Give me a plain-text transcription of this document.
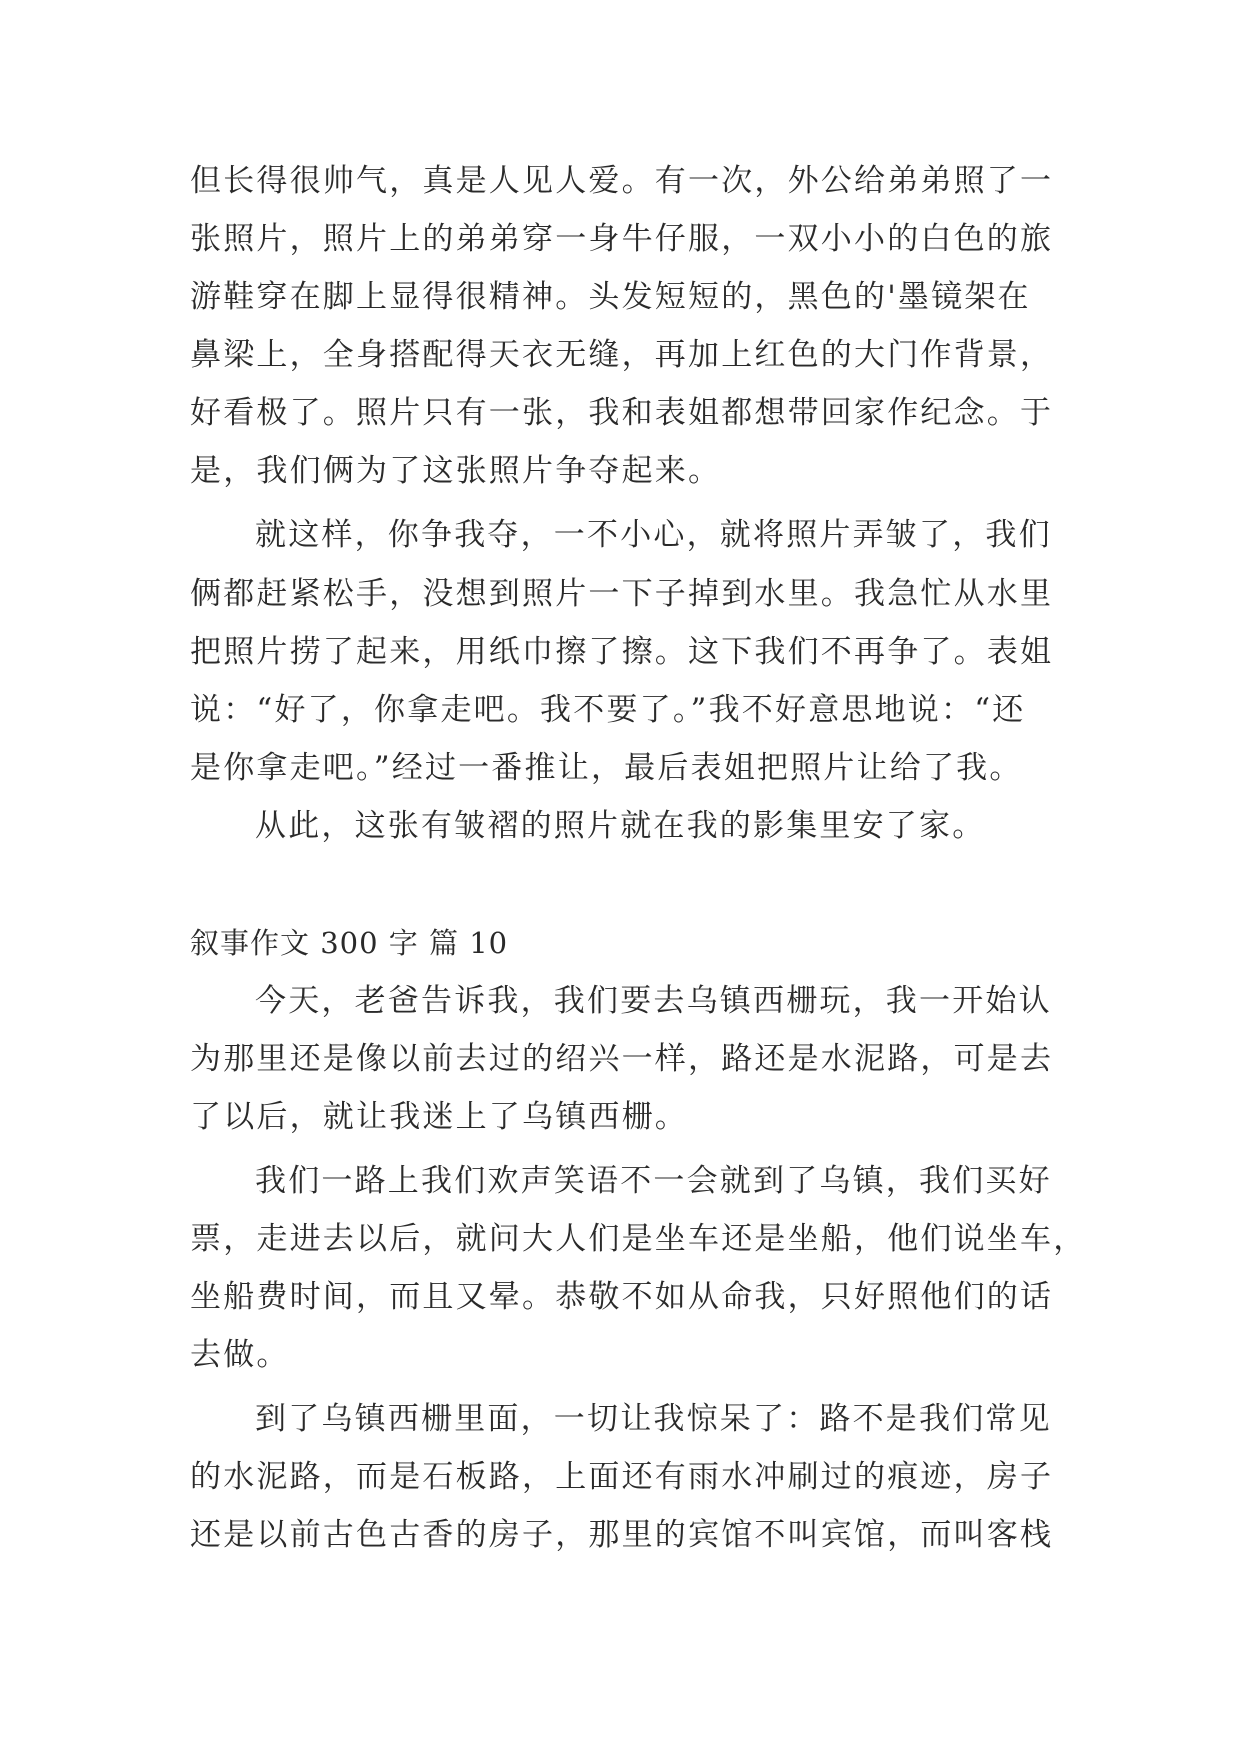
但长得很帅气，真是人见人爱。有一次，外公给弟弟照了一
张照片，照片上的弟弟穿一身牛仔服，一双小小的白色的旅
游鞋穿在脚上显得很精神。头发短短的，黑色的'墨镜架在
鼻梁上，全身搭配得天衣无缝，再加上红色的大门作背景，
好看极了。照片只有一张，我和表姐都想带回家作纪念。于
是，我们俩为了这张照片争夺起来。
就这样，你争我夺，一不小心，就将照片弄皱了，我们
俩都赶紧松手，没想到照片一下子掉到水里。我急忙从水里
把照片捞了起来，用纸巾擦了擦。这下我们不再争了。表姐
说：“好了，你拿走吧。我不要了。”我不好意思地说：“还
是你拿走吧。”经过一番推让，最后表姐把照片让给了我。
从此，这张有皱褶的照片就在我的影集里安了家。
叙事作文 300 字 篇 10
今天，老爸告诉我，我们要去乌镇西栅玩，我一开始认
为那里还是像以前去过的绍兴一样，路还是水泥路，可是去
了以后，就让我迷上了乌镇西栅。
我们一路上我们欢声笑语不一会就到了乌镇，我们买好
票，走进去以后，就问大人们是坐车还是坐船，他们说坐车，
坐船费时间，而且又晕。恭敬不如从命我，只好照他们的话
去做。
到了乌镇西栅里面，一切让我惊呆了：路不是我们常见
的水泥路，而是石板路，上面还有雨水冲刷过的痕迹，房子
还是以前古色古香的房子，那里的宾馆不叫宾馆，而叫客栈
